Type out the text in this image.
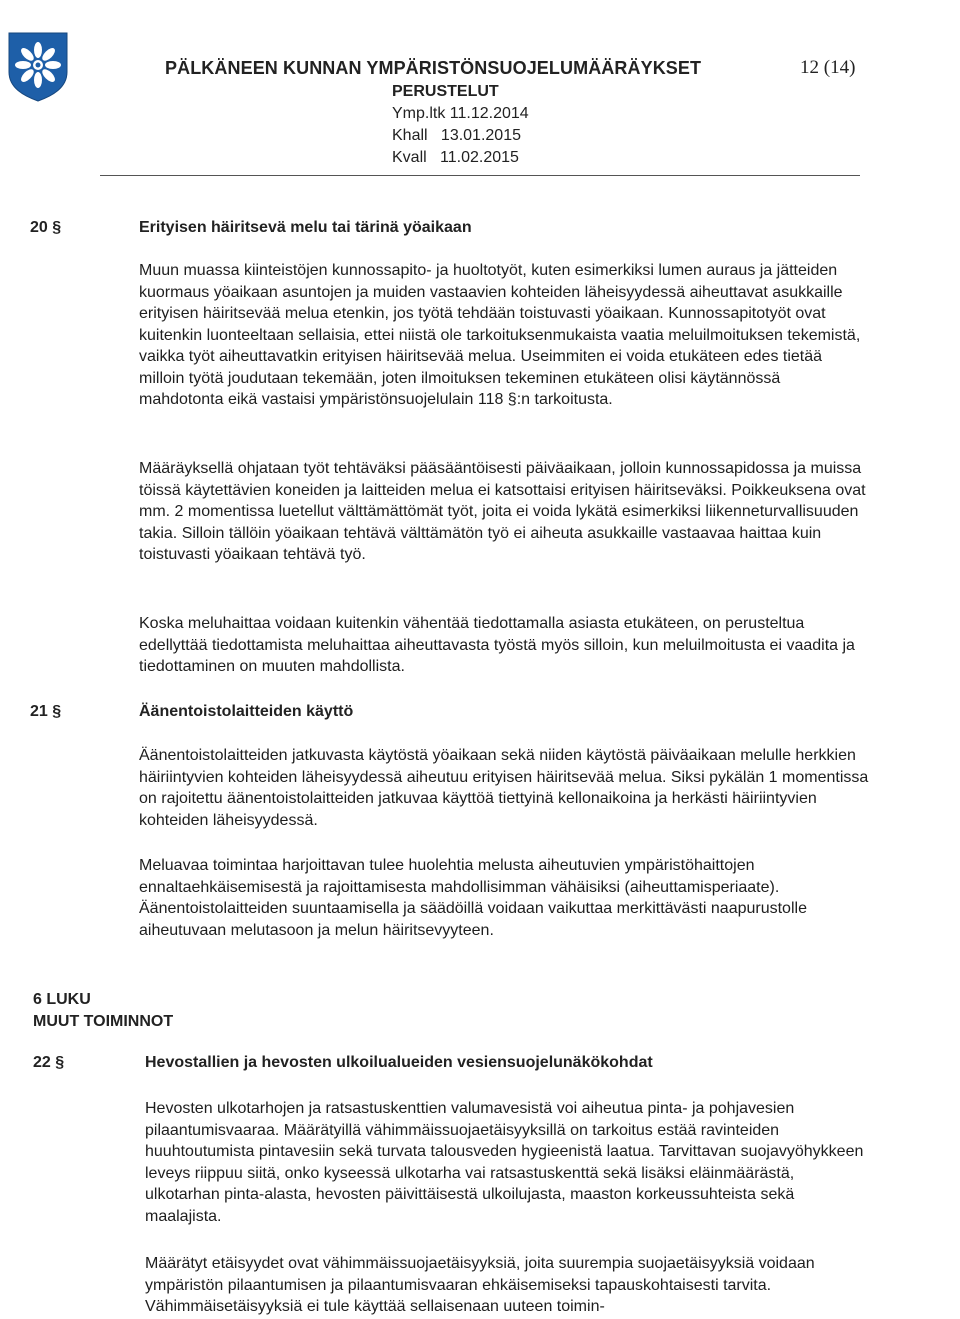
PÄLKÄNEEN KUNNAN YMPÄRISTÖNSUOJELUMÄÄRÄYKSET	12 (14)
PERUSTELUT
Ymp.ltk 11.12.2014
Khall   13.01.2015
Kvall   11.02.2015
20 §	Erityisen häiritsevä melu tai tärinä yöaikaan

Muun muassa kiinteistöjen kunnossapito- ja huoltotyöt, kuten esimerkiksi lumen auraus ja jätteiden kuormaus yöaikaan asuntojen ja muiden vastaavien kohteiden läheisyydessä aiheuttavat asukkaille erityisen häiritsevää melua etenkin, jos työtä tehdään toistuvasti yöaikaan. Kunnossapitotyöt ovat kuitenkin luonteeltaan sellaisia, ettei niistä ole tarkoituksenmukaista vaatia meluilmoituksen tekemistä, vaikka työt aiheuttavatkin erityisen häiritsevää melua. Useimmiten ei voida etukäteen edes tietää milloin työtä joudutaan tekemään, joten ilmoituksen tekeminen etukäteen olisi käytännössä mahdotonta eikä vastaisi ympäristönsuojelulain 118 §:n tarkoitusta.

Määräyksellä ohjataan työt tehtäväksi pääsääntöisesti päiväaikaan, jolloin kunnossapidossa ja muissa töissä käytettävien koneiden ja laitteiden melua ei katsottaisi erityisen häiritseväksi. Poikkeuksena ovat mm. 2 momentissa luetellut välttämättömät työt, joita ei voida lykätä esimerkiksi liikenneturvallisuuden takia. Silloin tällöin yöaikaan tehtävä välttämätön työ ei aiheuta asukkaille vastaavaa haittaa kuin toistuvasti yöaikaan tehtävä työ.

Koska meluhaittaa voidaan kuitenkin vähentää tiedottamalla asiasta etukäteen, on perusteltua edellyttää tiedottamista meluhaittaa aiheuttavasta työstä myös silloin, kun meluilmoitusta ei vaadita ja tiedottaminen on muuten mahdollista.

21 §	Äänentoistolaitteiden käyttö

Äänentoistolaitteiden jatkuvasta käytöstä yöaikaan sekä niiden käytöstä päiväaikaan melulle herkkien häiriintyvien kohteiden läheisyydessä aiheutuu erityisen häiritsevää melua. Siksi pykälän 1 momentissa on rajoitettu äänentoistolaitteiden jatkuvaa käyttöä tiettyinä kellonaikoina ja herkästi häiriintyvien kohteiden läheisyydessä.

Meluavaa toimintaa harjoittavan tulee huolehtia melusta aiheutuvien ympäristöhaittojen ennaltaehkäisemisestä ja rajoittamisesta mahdollisimman vähäisiksi (aiheuttamisperiaate). Äänentoistolaitteiden suuntaamisella ja säädöillä voidaan vaikuttaa merkittävästi naapurustolle aiheutuvaan melutasoon ja melun häiritsevyyteen.

6 LUKU
MUUT TOIMINNOT
22 §	Hevostallien ja hevosten ulkoilualueiden vesiensuojelunäkökohdat

Hevosten ulkotarhojen ja ratsastuskenttien valumavesistä voi aiheutua pinta- ja pohjavesien pilaantumisvaaraa. Määrätyillä vähimmäissuojaetäisyyksillä on tarkoitus estää ravinteiden huuhtoutumista pintavesiin sekä turvata talousveden hygieenistä laatua. Tarvittavan suojavyöhykkeen leveys riippuu siitä, onko kyseessä ulkotarha vai ratsastuskenttä sekä lisäksi eläinmäärästä, ulkotarhan pinta-alasta, hevosten päivittäisestä ulkoilujasta, maaston korkeussuhteista sekä maalajista.

Määrätyt etäisyydet ovat vähimmäissuojaetäisyyksiä, joita suurempia suojaetäisyyksiä voidaan ympäristön pilaantumisen ja pilaantumisvaaran ehkäisemiseksi tapauskohtaisesti tarvita. Vähimmäisetäisyyksiä ei tule käyttää sellaisenaan uuteen toimin-
